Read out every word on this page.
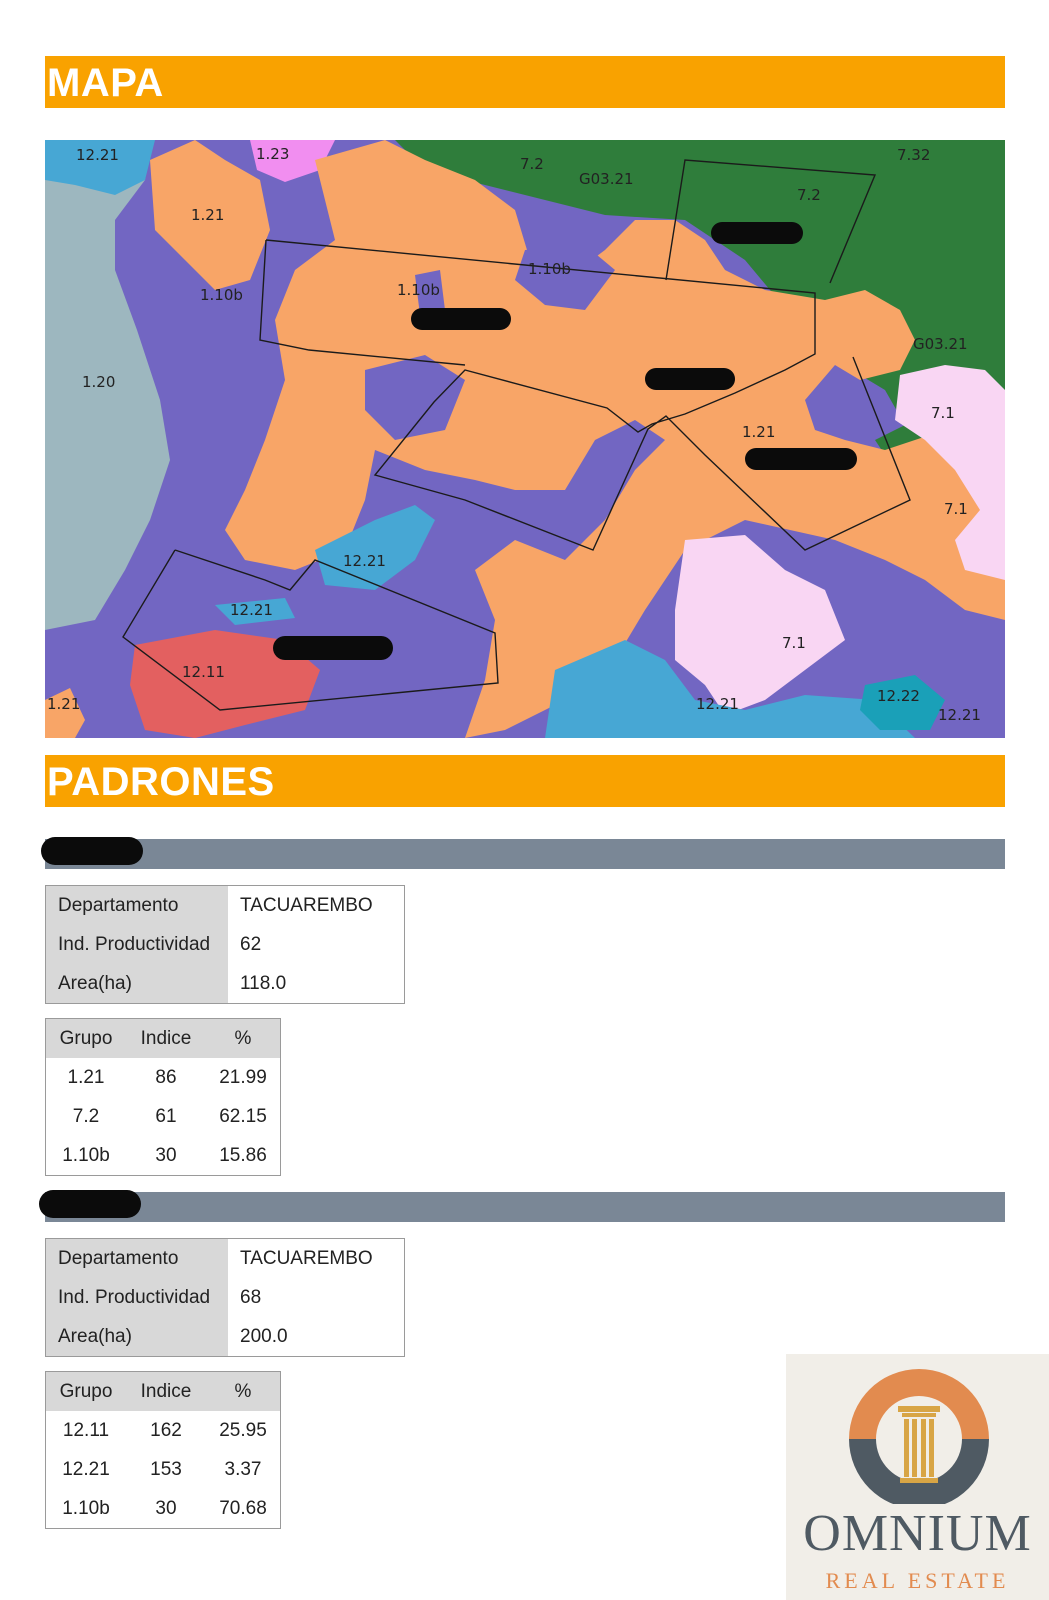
MAPA
12.21	1.23
7.2
G03.21
7.2
7.32
1.21
1.10b	1.10b
1.10b
G03.21
1.20
7.1
1.21
7.1
12.21
12.21
12.11
7.1
1.21	12.21	12.22
12.21
PADRONES
Departamento	TACUAREMBO
Ind. Productividad	62
Area(ha)	118.0
Grupo	Indice	%
1.21	86	21.99
7.2	61	62.15
1.10b	30	15.86
Departamento	TACUAREMBO
Ind. Productividad	68
Area(ha)	200.0
Grupo	Indice	%
12.11	162	25.95
12.21	153	3.37
1.10b	30	70.68	OMNIUM
REAL ESTATE
